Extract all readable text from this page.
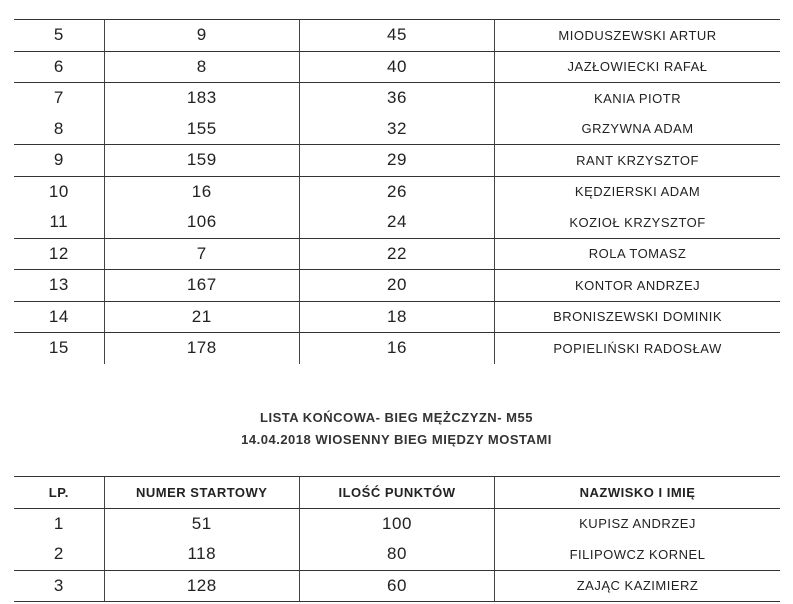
5	9	45	MIODUSZEWSKI ARTUR
6	8	40	JAZŁOWIECKI RAFAŁ
7	183	36	KANIA PIOTR
8	155	32	GRZYWNA ADAM
9	159	29	RANT KRZYSZTOF
10	16	26	KĘDZIERSKI ADAM
11	106	24	KOZIOŁ KRZYSZTOF
12	7	22	ROLA TOMASZ
13	167	20	KONTOR ANDRZEJ
14	21	18	BRONISZEWSKI DOMINIK
15	178	16	POPIELIŃSKI RADOSŁAW
LISTA KOŃCOWA- BIEG MĘŻCZYZN- M55
14.04.2018 WIOSENNY BIEG MIĘDZY MOSTAMI
LP.	NUMER STARTOWY	ILOŚĆ PUNKTÓW	NAZWISKO I IMIĘ
1	51	100	KUPISZ ANDRZEJ
2	118	80	FILIPOWCZ KORNEL
3	128	60	ZAJĄC KAZIMIERZ
